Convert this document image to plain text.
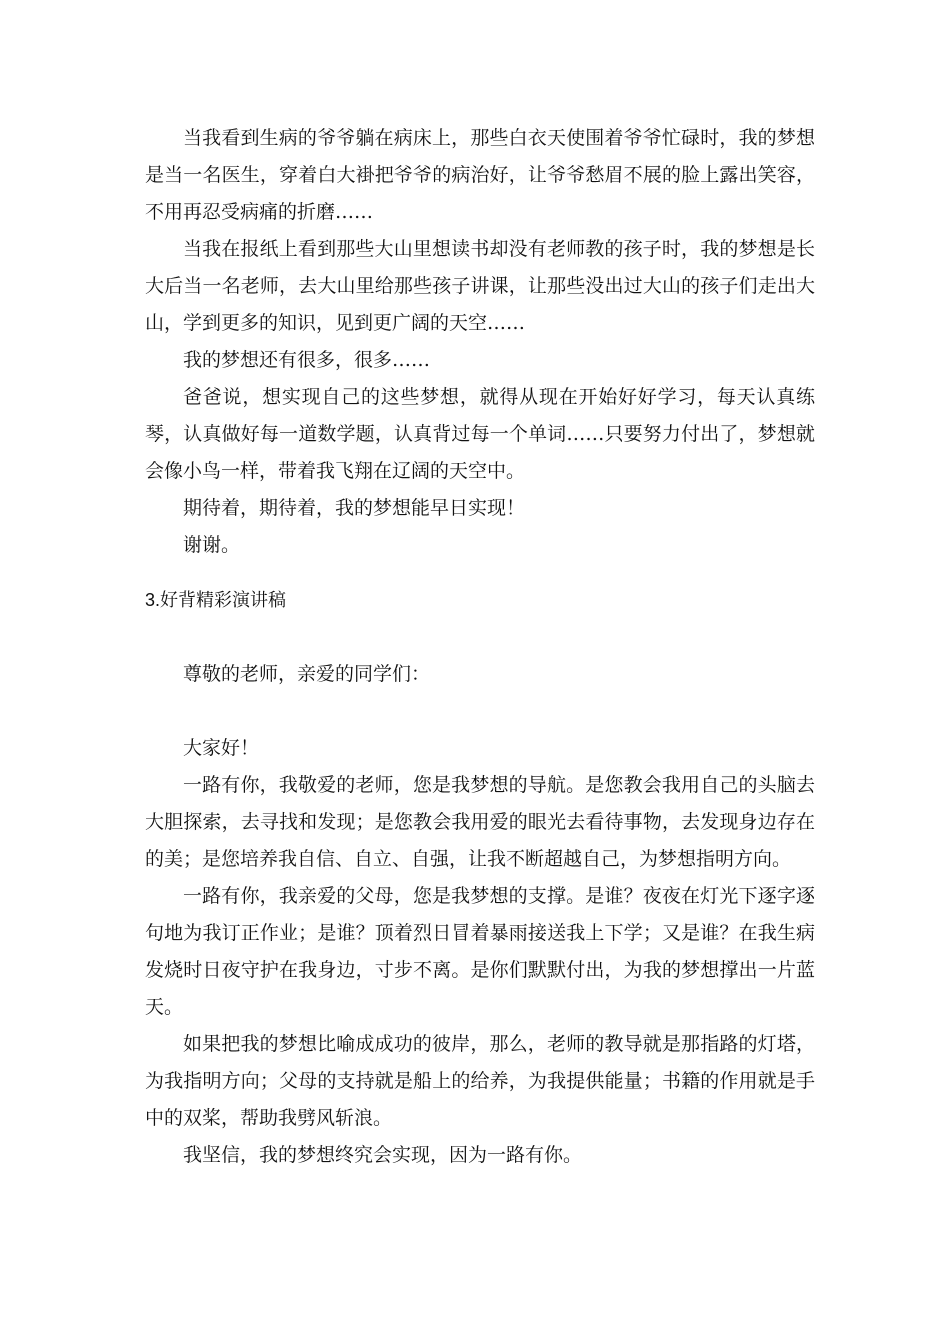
当我看到生病的爷爷躺在病床上，那些白衣天使围着爷爷忙碌时，我的梦想是当一名医生，穿着白大褂把爷爷的病治好，让爷爷愁眉不展的脸上露出笑容，不用再忍受病痛的折磨……

当我在报纸上看到那些大山里想读书却没有老师教的孩子时，我的梦想是长大后当一名老师，去大山里给那些孩子讲课，让那些没出过大山的孩子们走出大山，学到更多的知识，见到更广阔的天空……

我的梦想还有很多，很多……

爸爸说，想实现自己的这些梦想，就得从现在开始好好学习，每天认真练琴，认真做好每一道数学题，认真背过每一个单词……只要努力付出了，梦想就会像小鸟一样，带着我飞翔在辽阔的天空中。

期待着，期待着，我的梦想能早日实现！

谢谢。

3.好背精彩演讲稿

尊敬的老师，亲爱的同学们：

大家好！

一路有你，我敬爱的老师，您是我梦想的导航。是您教会我用自己的头脑去大胆探索，去寻找和发现；是您教会我用爱的眼光去看待事物，去发现身边存在的美；是您培养我自信、自立、自强，让我不断超越自己，为梦想指明方向。

一路有你，我亲爱的父母，您是我梦想的支撑。是谁？夜夜在灯光下逐字逐句地为我订正作业；是谁？顶着烈日冒着暴雨接送我上下学；又是谁？在我生病发烧时日夜守护在我身边，寸步不离。是你们默默付出，为我的梦想撑出一片蓝天。

如果把我的梦想比喻成成功的彼岸，那么，老师的教导就是那指路的灯塔，为我指明方向；父母的支持就是船上的给养，为我提供能量；书籍的作用就是手中的双桨，帮助我劈风斩浪。

我坚信，我的梦想终究会实现，因为一路有你。
